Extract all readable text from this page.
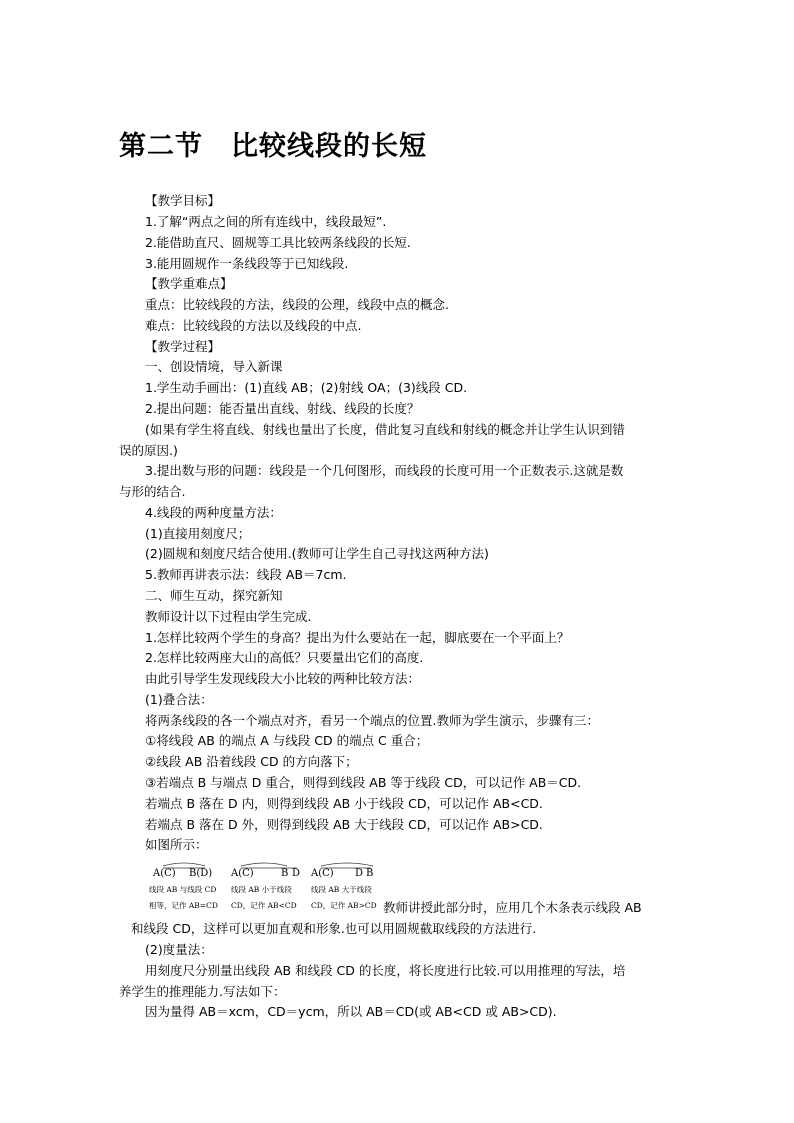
第二节　比较线段的长短
【教学目标】
1.了解“两点之间的所有连线中，线段最短”.
2.能借助直尺、圆规等工具比较两条线段的长短.
3.能用圆规作一条线段等于已知线段.
【教学重难点】
重点：比较线段的方法，线段的公理，线段中点的概念.
难点：比较线段的方法以及线段的中点.
【教学过程】
一、创设情境，导入新课
1.学生动手画出：(1)直线 AB；(2)射线 OA；(3)线段 CD.
2.提出问题：能否量出直线、射线、线段的长度？
(如果有学生将直线、射线也量出了长度，借此复习直线和射线的概念并让学生认识到错
误的原因.)
3.提出数与形的问题：线段是一个几何图形，而线段的长度可用一个正数表示.这就是数
与形的结合.
4.线段的两种度量方法：
(1)直接用刻度尺；
(2)圆规和刻度尺结合使用.(教师可让学生自己寻找这两种方法)
5.教师再讲表示法：线段 AB＝7cm.
二、师生互动，探究新知
教师设计以下过程由学生完成.
1.怎样比较两个学生的身高？提出为什么要站在一起，脚底要在一个平面上？
2.怎样比较两座大山的高低？只要量出它们的高度.
由此引导学生发现线段大小比较的两种比较方法：
(1)叠合法：
将两条线段的各一个端点对齐，看另一个端点的位置.教师为学生演示，步骤有三：
①将线段 AB 的端点 A 与线段 CD 的端点 C 重合；
②线段 AB 沿着线段 CD 的方向落下；
③若端点 B 与端点 D 重合，则得到线段 AB 等于线段 CD，可以记作 AB＝CD.
若端点 B 落在 D 内，则得到线段 AB 小于线段 CD，可以记作 AB<CD.
若端点 B 落在 D 外，则得到线段 AB 大于线段 CD，可以记作 AB>CD.
如图所示：
A(C) B(D)
线段 AB 与线段 CD
相等，记作 AB=CD
A(C)	B D
线段 AB 小于线段
CD，记作 AB<CD
A(C) D B
线段 AB 大于线段
CD，记作 AB>CD 教师讲授此部分时，应用几个木条表示线段 AB
和线段 CD，这样可以更加直观和形象.也可以用圆规截取线段的方法进行.
(2)度量法：
用刻度尺分别量出线段 AB 和线段 CD 的长度，将长度进行比较.可以用推理的写法，培
养学生的推理能力.写法如下：
因为量得 AB＝xcm，CD＝ycm，所以 AB＝CD(或 AB<CD 或 AB>CD).
